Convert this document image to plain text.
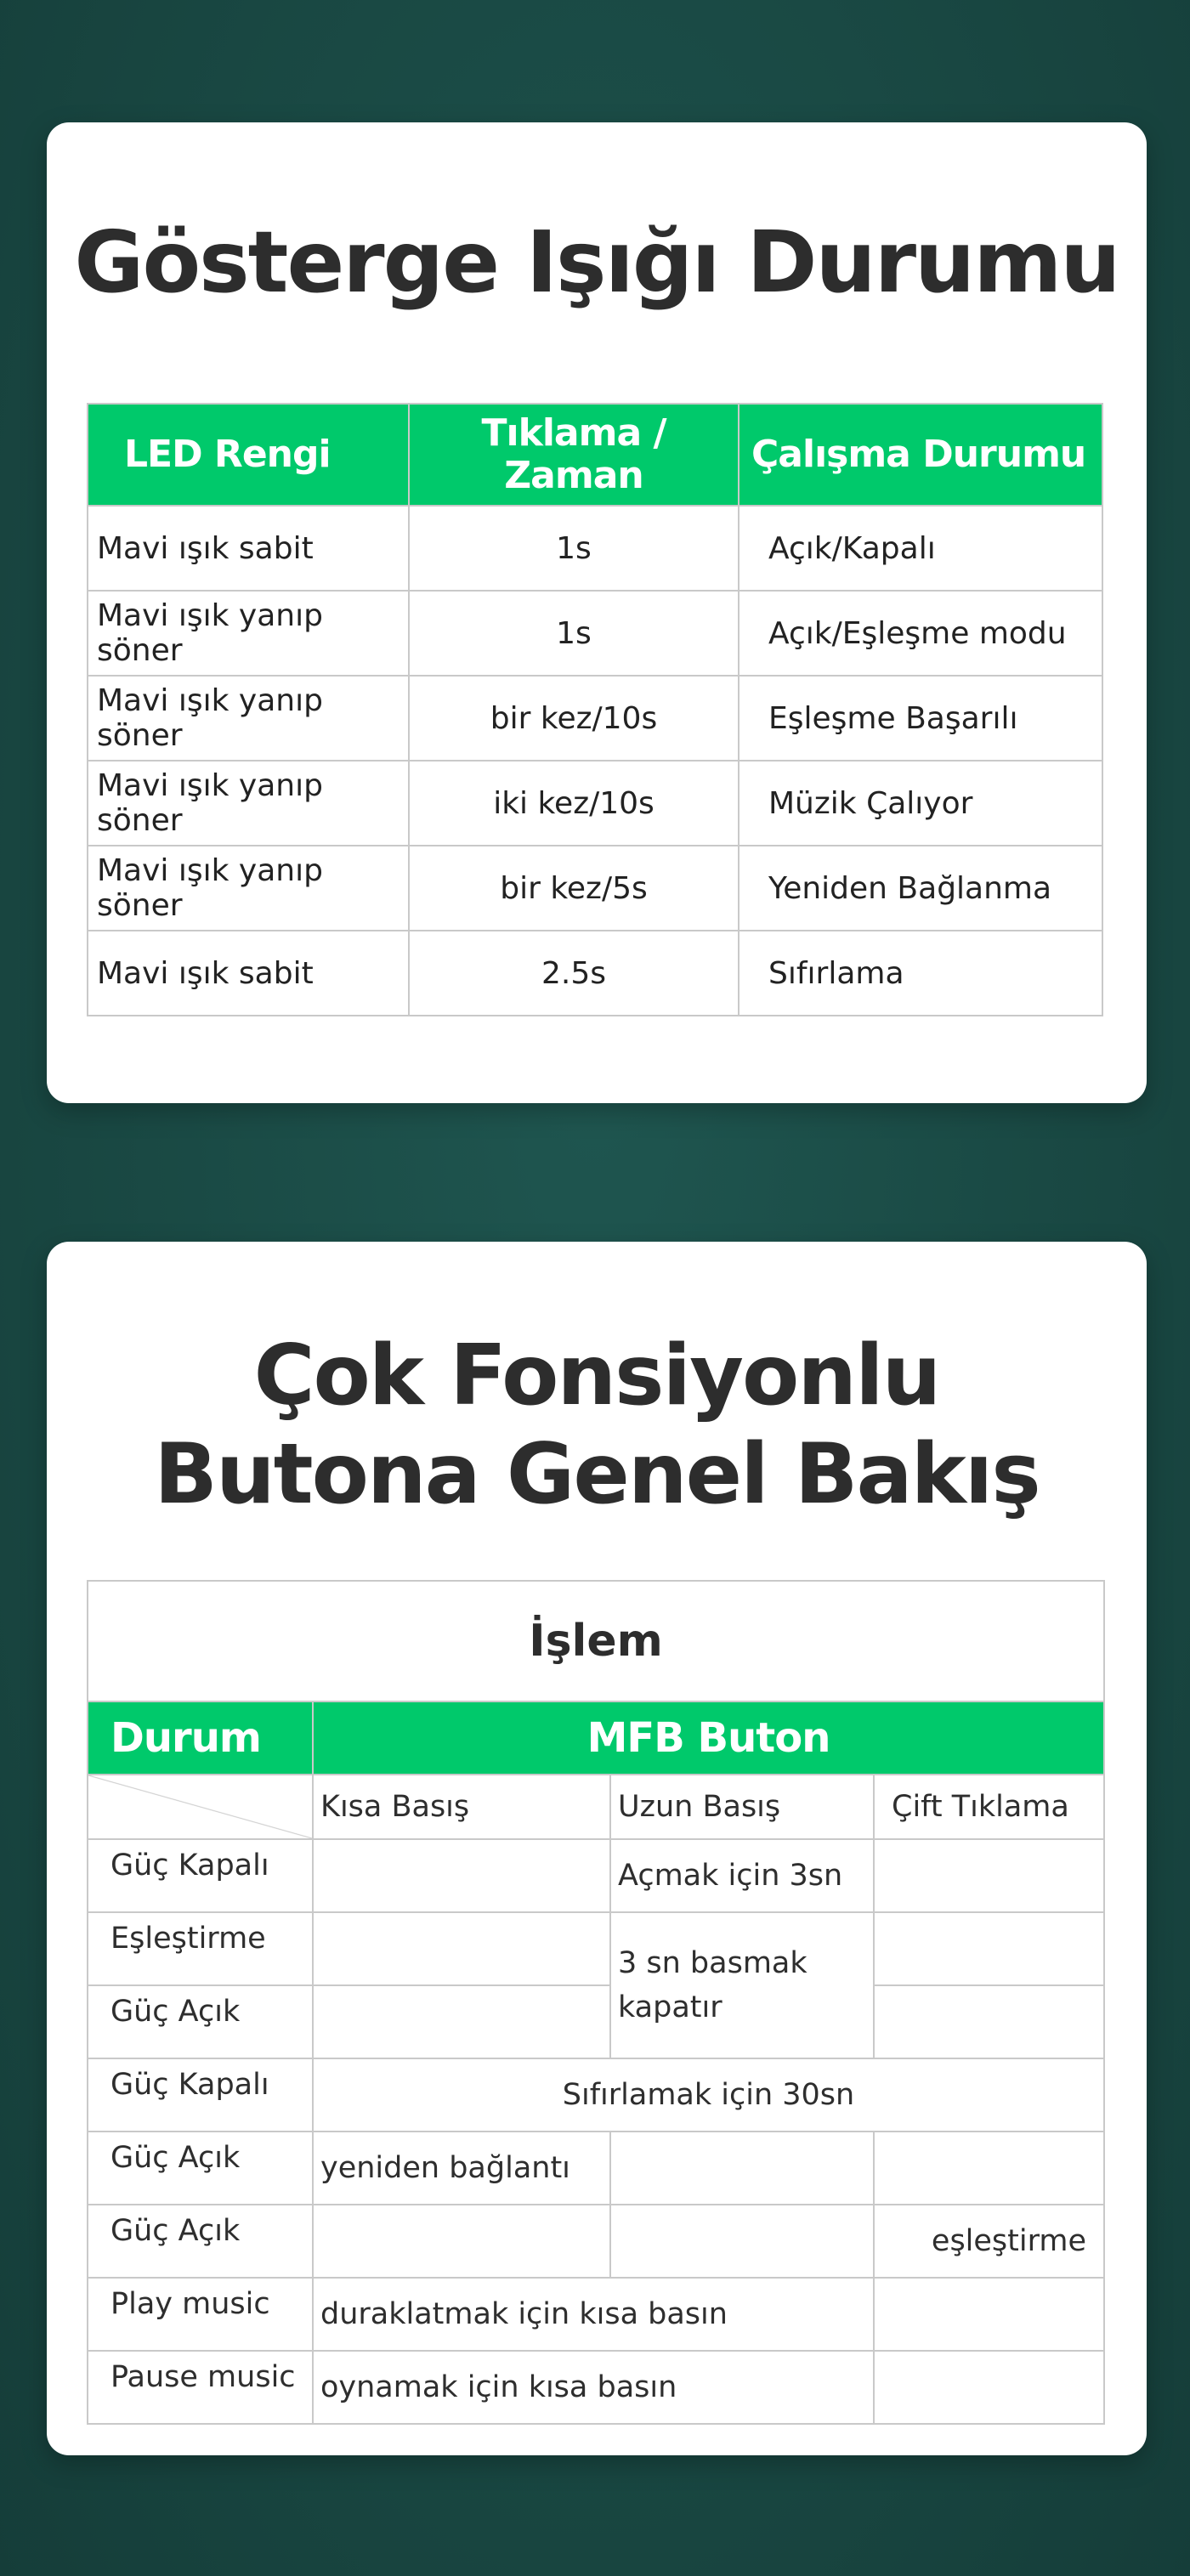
Gösterge Işığı Durumu
LED Rengi	Tıklama / Zaman	Çalışma Durumu
Mavi ışık sabit	1s	Açık/Kapalı
Mavi ışık yanıp söner	1s	Açık/Eşleşme modu
Mavi ışık yanıp söner	bir kez/10s	Eşleşme Başarılı
Mavi ışık yanıp söner	iki kez/10s	Müzik Çalıyor
Mavi ışık yanıp söner	bir kez/5s	Yeniden Bağlanma
Mavi ışık sabit	2.5s	Sıfırlama
Çok Fonsiyonlu Butona Genel Bakış
İşlem			
Durum	MFB Buton		
	Kısa Basış	Uzun Basış	Çift Tıklama
Güç Kapalı		Açmak için 3sn	
Eşleştirme		3 sn basmak kapatır	
Güç Açık			
Güç Kapalı	Sıfırlamak için 30sn		
Güç Açık	yeniden bağlantı		
Güç Açık			eşleştirme
Play music	duraklatmak için kısa basın		
Pause music	oynamak için kısa basın		
